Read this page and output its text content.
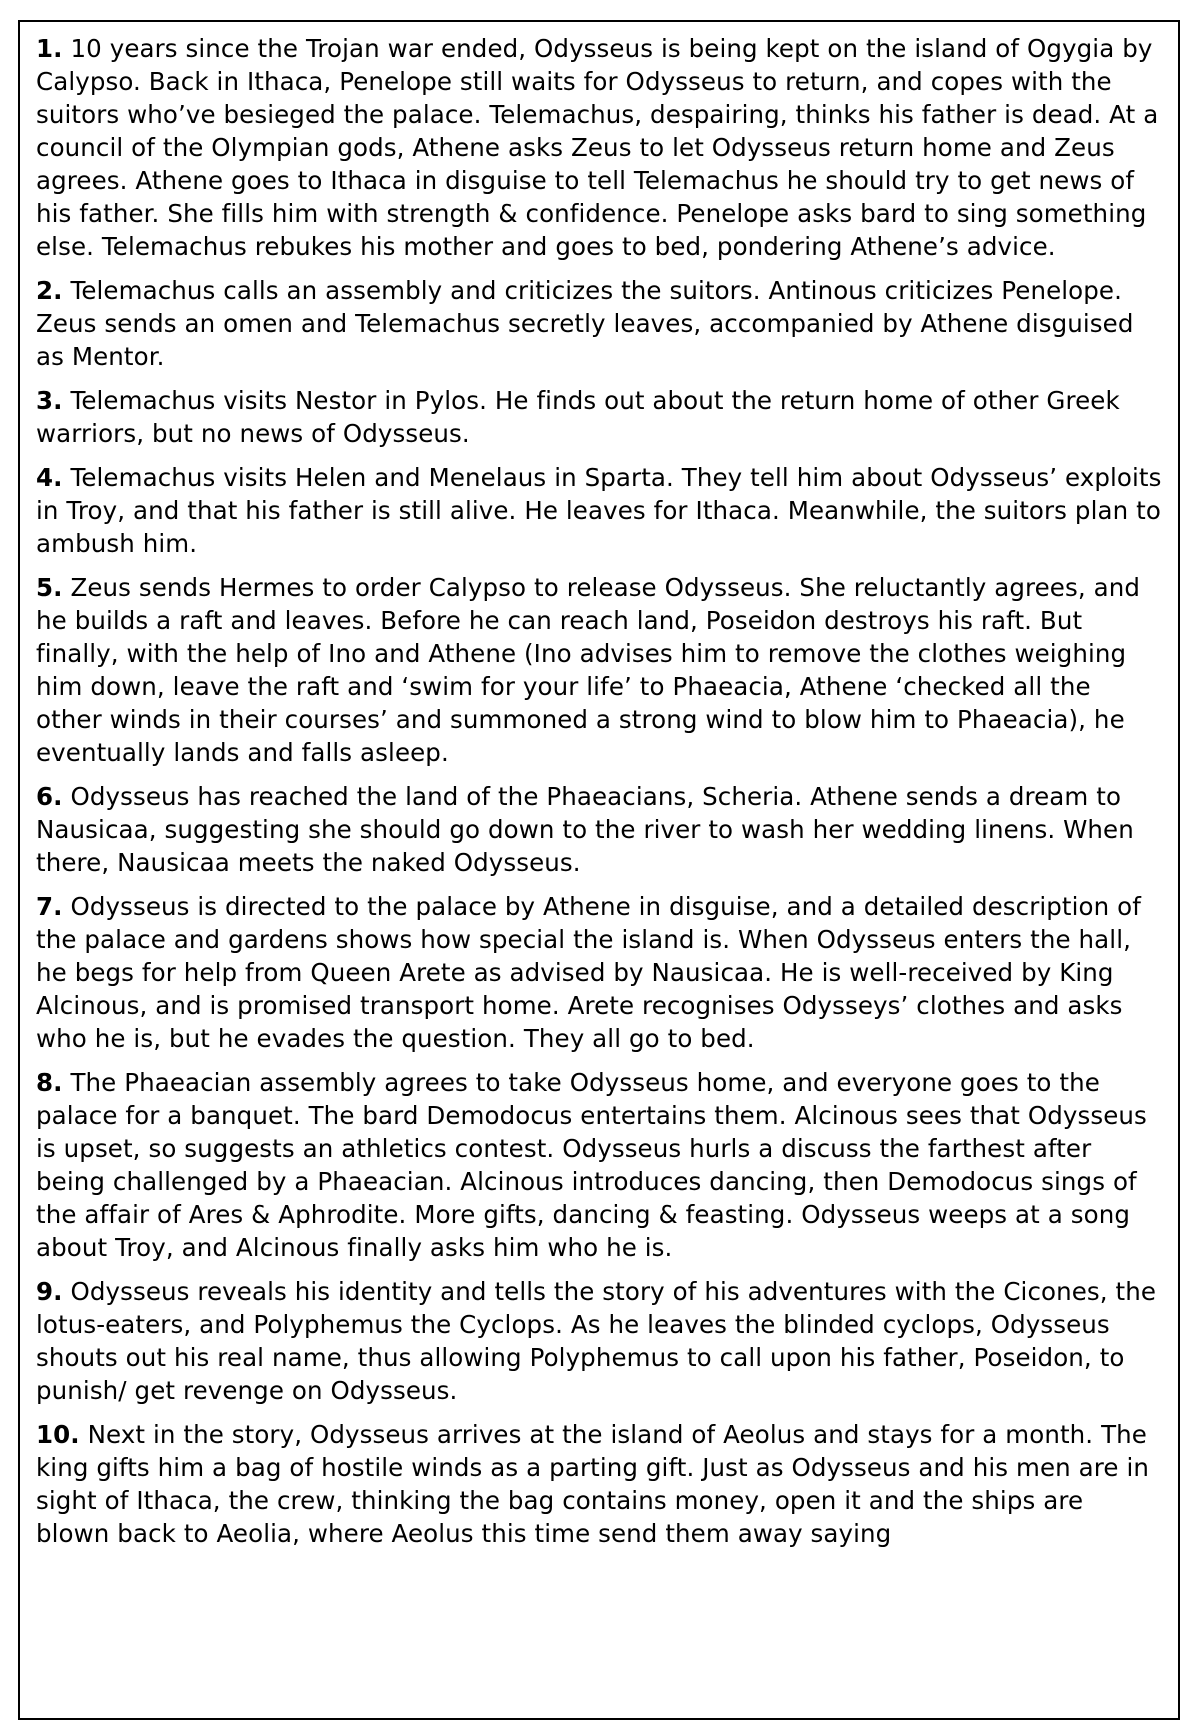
1. 10 years since the Trojan war ended, Odysseus is being kept on the island of Ogygia by Calypso. Back in Ithaca, Penelope still waits for Odysseus to return, and copes with the suitors who’ve besieged the palace. Telemachus, despairing, thinks his father is dead. At a council of the Olympian gods, Athene asks Zeus to let Odysseus return home and Zeus agrees. Athene goes to Ithaca in disguise to tell Telemachus he should try to get news of his father. She fills him with strength & confidence. Penelope asks bard to sing something else. Telemachus rebukes his mother and goes to bed, pondering Athene’s advice.

2. Telemachus calls an assembly and criticizes the suitors. Antinous criticizes Penelope. Zeus sends an omen and Telemachus secretly leaves, accompanied by Athene disguised as Mentor.

3. Telemachus visits Nestor in Pylos. He finds out about the return home of other Greek warriors, but no news of Odysseus.

4. Telemachus visits Helen and Menelaus in Sparta. They tell him about Odysseus’ exploits in Troy, and that his father is still alive. He leaves for Ithaca. Meanwhile, the suitors plan to ambush him.

5. Zeus sends Hermes to order Calypso to release Odysseus. She reluctantly agrees, and he builds a raft and leaves. Before he can reach land, Poseidon destroys his raft. But finally, with the help of Ino and Athene (Ino advises him to remove the clothes weighing him down, leave the raft and ‘swim for your life’ to Phaeacia, Athene ‘checked all the other winds in their courses’ and summoned a strong wind to blow him to Phaeacia), he eventually lands and falls asleep.

6. Odysseus has reached the land of the Phaeacians, Scheria. Athene sends a dream to Nausicaa, suggesting she should go down to the river to wash her wedding linens. When there, Nausicaa meets the naked Odysseus.

7. Odysseus is directed to the palace by Athene in disguise, and a detailed description of the palace and gardens shows how special the island is. When Odysseus enters the hall, he begs for help from Queen Arete as advised by Nausicaa. He is well-received by King Alcinous, and is promised transport home. Arete recognises Odysseys’ clothes and asks who he is, but he evades the question. They all go to bed.

8. The Phaeacian assembly agrees to take Odysseus home, and everyone goes to the palace for a banquet. The bard Demodocus entertains them. Alcinous sees that Odysseus is upset, so suggests an athletics contest. Odysseus hurls a discuss the farthest after being challenged by a Phaeacian. Alcinous introduces dancing, then Demodocus sings of the affair of Ares & Aphrodite. More gifts, dancing & feasting. Odysseus weeps at a song about Troy, and Alcinous finally asks him who he is.

9. Odysseus reveals his identity and tells the story of his adventures with the Cicones, the lotus-eaters, and Polyphemus the Cyclops. As he leaves the blinded cyclops, Odysseus shouts out his real name, thus allowing Polyphemus to call upon his father, Poseidon, to punish/ get revenge on Odysseus.

10. Next in the story, Odysseus arrives at the island of Aeolus and stays for a month. The king gifts him a bag of hostile winds as a parting gift. Just as Odysseus and his men are in sight of Ithaca, the crew, thinking the bag contains money, open it and the ships are blown back to Aeolia, where Aeolus this time send them away saying
